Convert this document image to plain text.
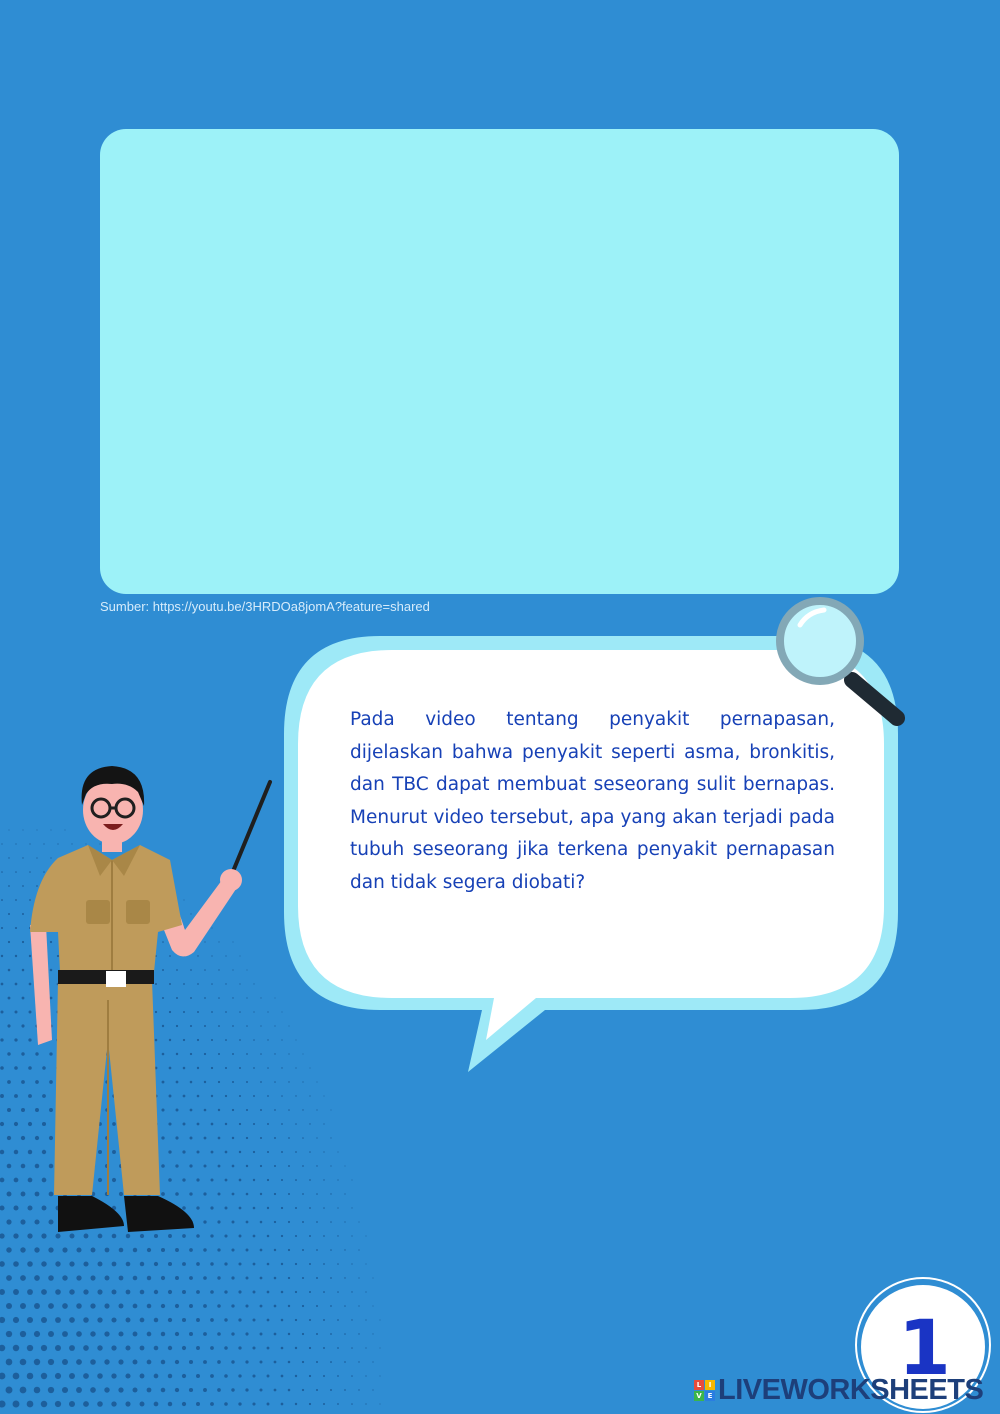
Sumber: https://youtu.be/3HRDOa8jomA?feature=shared

Pada video tentang penyakit pernapasan, dijelaskan bahwa penyakit seperti asma, bronkitis, dan TBC dapat membuat seseorang sulit bernapas.

Menurut video tersebut, apa yang akan terjadi pada tubuh seseorang jika terkena penyakit pernapasan dan tidak segera diobati?

1
L	I
V E LIVEWORKSHEETS
